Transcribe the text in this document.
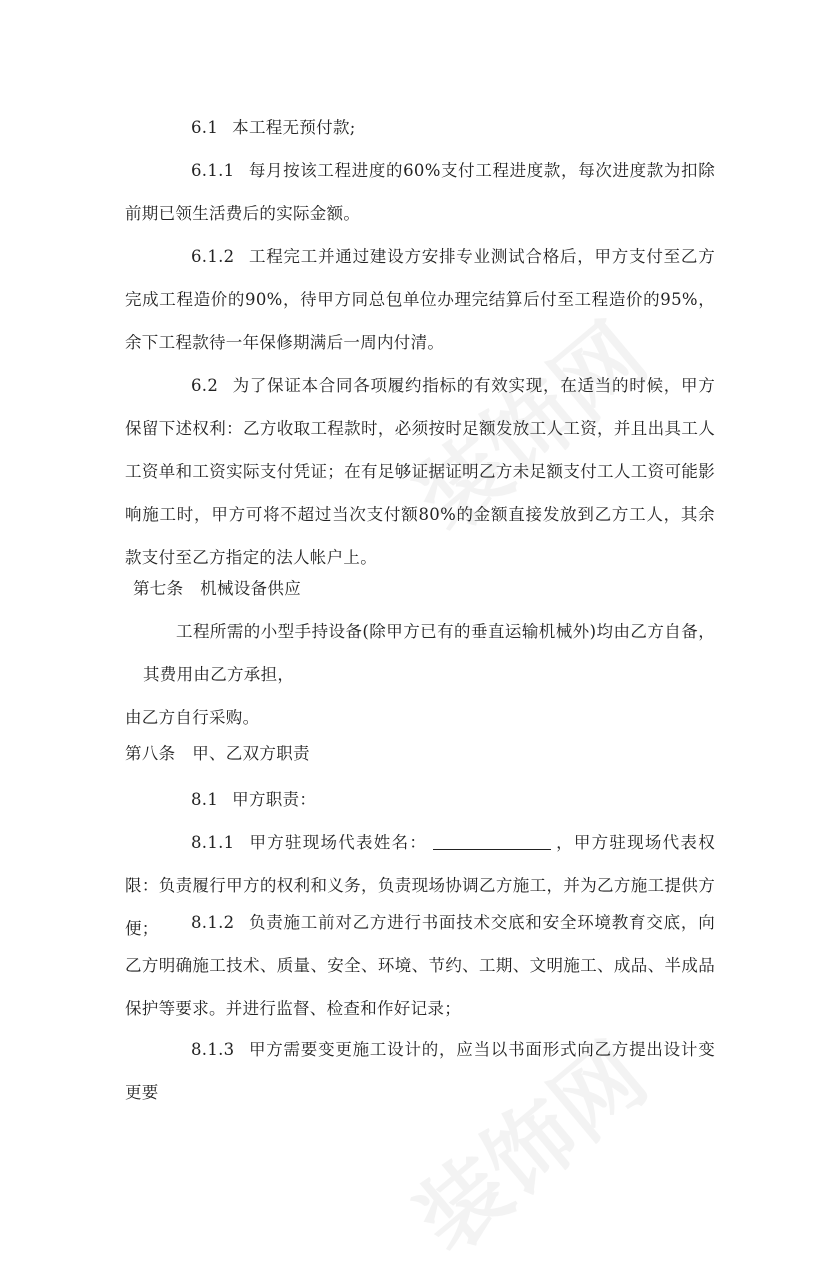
6.1 本工程无预付款;

6.1.1 每月按该工程进度的60%支付工程进度款，每次进度款为扣除前期已领生活费后的实际金额。

6.1.2 工程完工并通过建设方安排专业测试合格后，甲方支付至乙方完成工程造价的90%，待甲方同总包单位办理完结算后付至工程造价的95%，余下工程款待一年保修期满后一周内付清。

6.2 为了保证本合同各项履约指标的有效实现，在适当的时候，甲方保留下述权利：乙方收取工程款时，必须按时足额发放工人工资，并且出具工人工资单和工资实际支付凭证；在有足够证据证明乙方未足额支付工人工资可能影响施工时，甲方可将不超过当次支付额80%的金额直接发放到乙方工人，其余款支付至乙方指定的法人帐户上。

第七条　机械设备供应

工程所需的小型手持设备(除甲方已有的垂直运输机械外)均由乙方自备，其费用由乙方承担，

由乙方自行采购。

第八条　甲、乙双方职责

8.1 甲方职责：

8.1.1 甲方驻现场代表姓名：	，甲方驻现场代表权限：负责履行甲方的权利和义务，负责现场协调乙方施工，并为乙方施工提供方便；	8.1.2 负责施工前对乙方进行书面技术交底和安全环境教育交底，向乙方明确施工技术、质量、安全、环境、节约、工期、文明施工、成品、半成品保护等要求。并进行监督、检查和作好记录；

8.1.3 甲方需要变更施工设计的，应当以书面形式向乙方提出设计变更要
